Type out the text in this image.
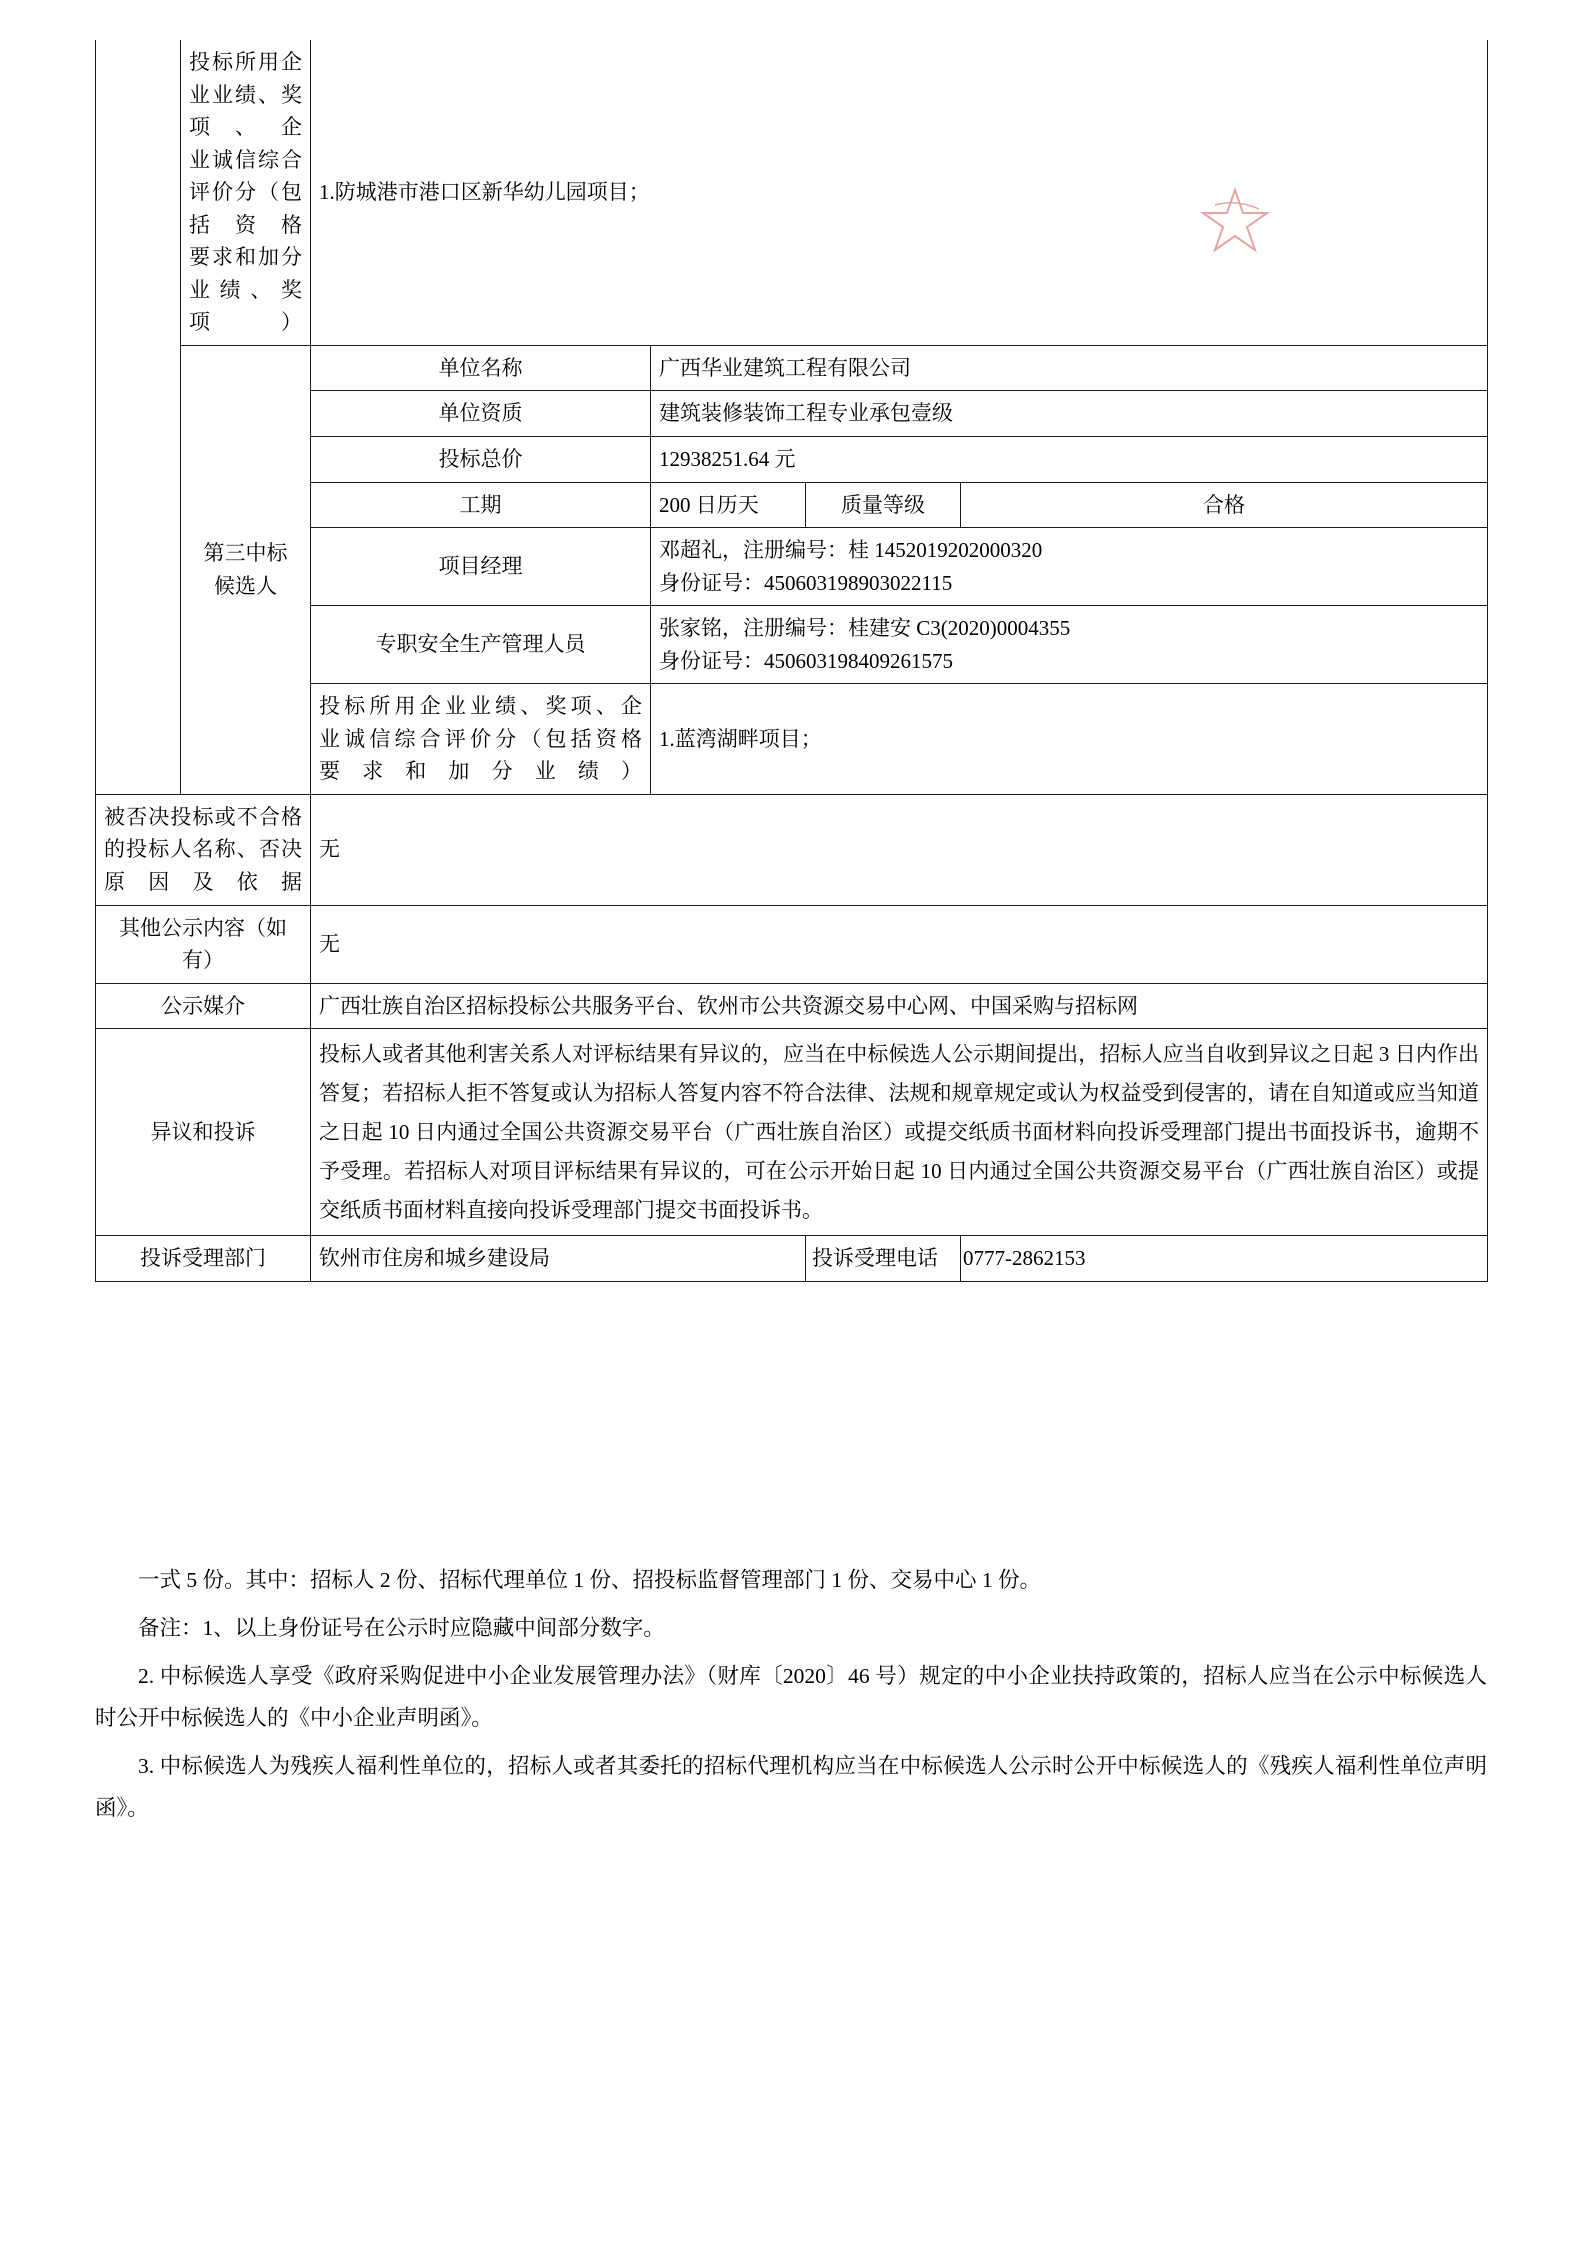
	投标所用企业业绩、奖项、企
业诚信综合评价分（包括资格
要求和加分业绩、奖项）	1.防城港市港口区新华幼儿园项目；			
	第三中标
候选人	单位名称	广西华业建筑工程有限公司		
		单位资质	建筑装修装饰工程专业承包壹级		
		投标总价	12938251.64 元		
		工期	200 日历天	质量等级	合格
		项目经理	邓超礼，注册编号：桂 1452019202000320
身份证号：450603198903022115		
		专职安全生产管理人员	张家铭，注册编号：桂建安 C3(2020)0004355
身份证号：450603198409261575		

		投标所用企业业绩、奖项、企
业诚信综合评价分（包括资格
要求和加分业绩）	1.蓝湾湖畔项目；		

被否决投标或不合格
的投标人名称、否决
原因及依据		无			
其他公示内容（如有）		无			
公示媒介		广西壮族自治区招标投标公共服务平台、钦州市公共资源交易中心网、中国采购与招标网			
异议和投诉		投标人或者其他利害关系人对评标结果有异议的，应当在中标候选人公示期间提出，招标人应当自收到异议之日起 3 日内作出答复；若招标人拒不答复或认为招标人答复内容不符合法律、法规和规章规定或认为权益受到侵害的，请在自知道或应当知道之日起 10 日内通过全国公共资源交易平台（广西壮族自治区）或提交纸质书面材料向投诉受理部门提出书面投诉书，逾期不予受理。若招标人对项目评标结果有异议的，可在公示开始日起 10 日内通过全国公共资源交易平台（广西壮族自治区）或提交纸质书面材料直接向投诉受理部门提交书面投诉书。			
投诉受理部门		钦州市住房和城乡建设局		投诉受理电话	0777-2862153

一式 5 份。其中：招标人 2 份、招标代理单位 1 份、招投标监督管理部门 1 份、交易中心 1 份。

备注：1、以上身份证号在公示时应隐藏中间部分数字。

2. 中标候选人享受《政府采购促进中小企业发展管理办法》（财库〔2020〕46 号）规定的中小企业扶持政策的，招标人应当在公示中标候选人时公开中标候选人的《中小企业声明函》。

3. 中标候选人为残疾人福利性单位的，招标人或者其委托的招标代理机构应当在中标候选人公示时公开中标候选人的《残疾人福利性单位声明函》。
